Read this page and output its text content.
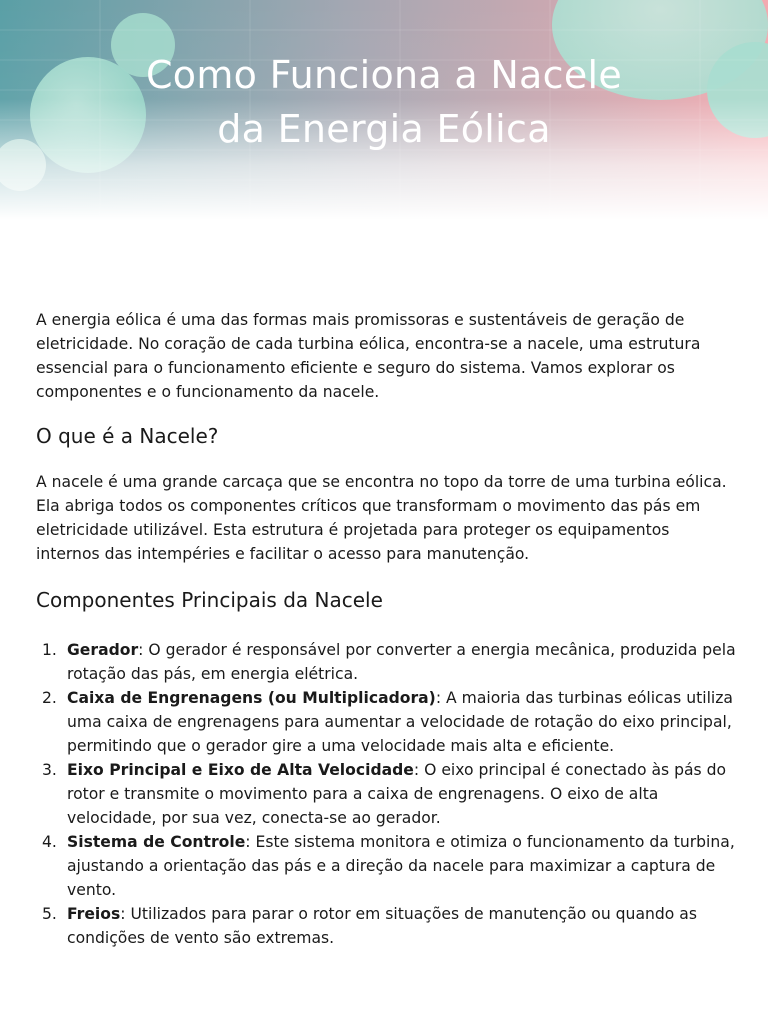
Como Funciona a Nacele
da Energia Eólica

A energia eólica é uma das formas mais promissoras e sustentáveis de geração de eletricidade. No coração de cada turbina eólica, encontra-se a nacele, uma estrutura essencial para o funcionamento eficiente e seguro do sistema. Vamos explorar os componentes e o funcionamento da nacele.

O que é a Nacele?

A nacele é uma grande carcaça que se encontra no topo da torre de uma turbina eólica. Ela abriga todos os componentes críticos que transformam o movimento das pás em eletricidade utilizável. Esta estrutura é projetada para proteger os equipamentos internos das intempéries e facilitar o acesso para manutenção.

Componentes Principais da Nacele
1. Gerador: O gerador é responsável por converter a energia mecânica, produzida pela rotação das pás, em energia elétrica.
2. Caixa de Engrenagens (ou Multiplicadora): A maioria das turbinas eólicas utiliza uma caixa de engrenagens para aumentar a velocidade de rotação do eixo principal, permitindo que o gerador gire a uma velocidade mais alta e eficiente.
3. Eixo Principal e Eixo de Alta Velocidade: O eixo principal é conectado às pás do rotor e transmite o movimento para a caixa de engrenagens. O eixo de alta velocidade, por sua vez, conecta-se ao gerador.
4. Sistema de Controle: Este sistema monitora e otimiza o funcionamento da turbina, ajustando a orientação das pás e a direção da nacele para maximizar a captura de vento.
5. Freios: Utilizados para parar o rotor em situações de manutenção ou quando as condições de vento são extremas.
